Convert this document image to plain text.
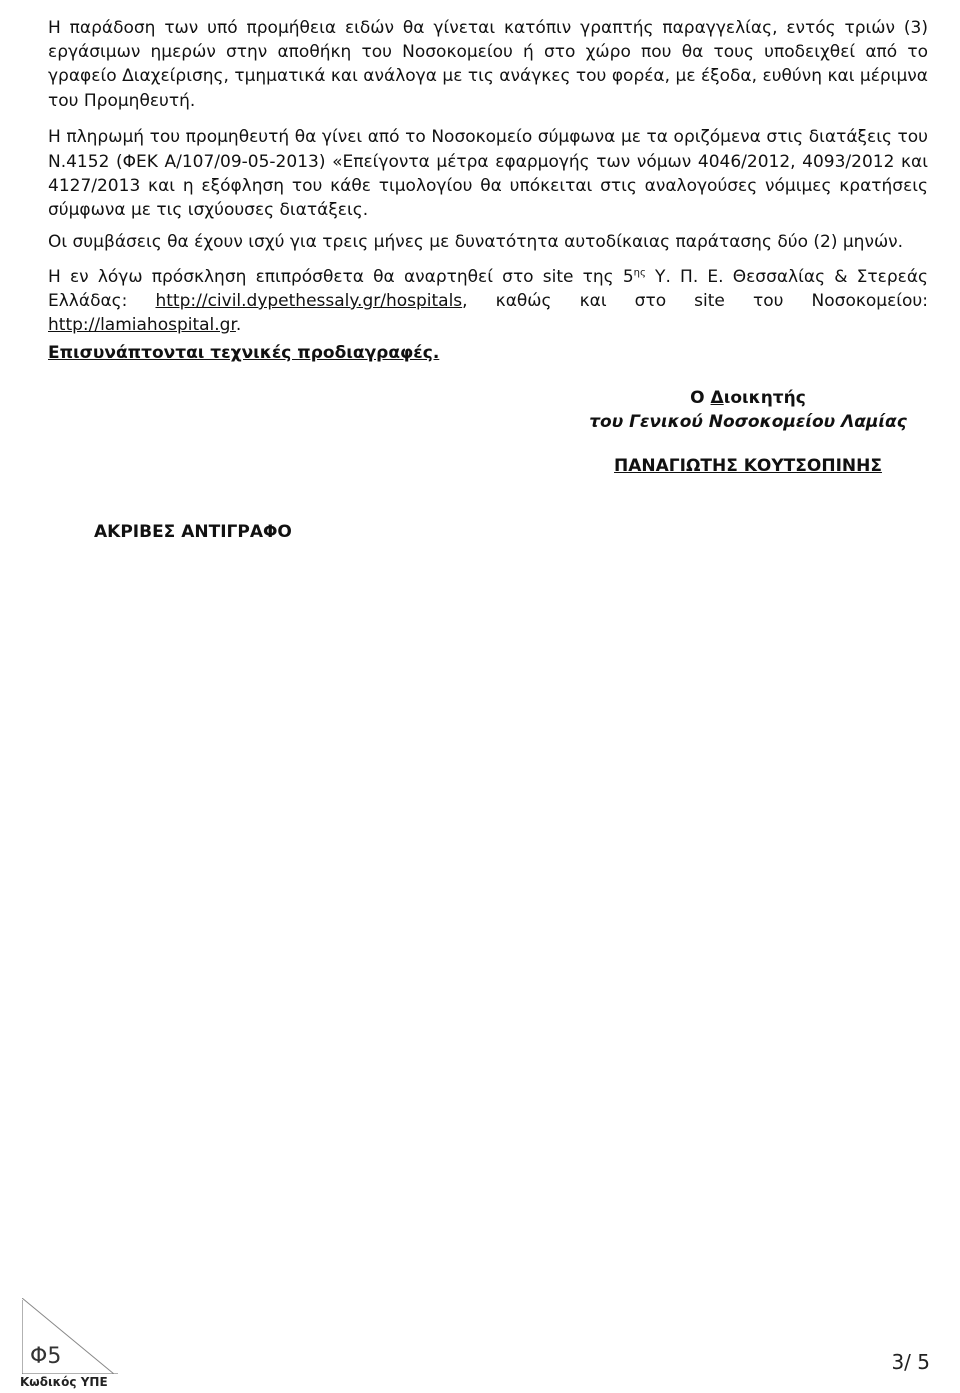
Η παράδοση των υπό προμήθεια ειδών θα γίνεται κατόπιν γραπτής παραγγελίας, εντός τριών (3)

εργάσιμων ημερών στην αποθήκη του Νοσοκομείου ή στο χώρο που θα τους υποδειχθεί από το

γραφείο Διαχείρισης, τμηματικά και ανάλογα με τις ανάγκες του φορέα, με έξοδα, ευθύνη και μέριμνα

του Προμηθευτή.

Η πληρωμή του προμηθευτή θα γίνει από το Νοσοκομείο σύμφωνα με τα οριζόμενα στις διατάξεις του

Ν.4152 (ΦΕΚ Α/107/09-05-2013) «Επείγοντα μέτρα εφαρμογής των νόμων 4046/2012, 4093/2012 και

4127/2013 και η εξόφληση του κάθε τιμολογίου θα υπόκειται στις αναλογούσες νόμιμες κρατήσεις

σύμφωνα με τις ισχύουσες διατάξεις.

Οι συμβάσεις θα έχουν ισχύ για τρεις μήνες με δυνατότητα αυτοδίκαιας παράτασης δύο (2) μηνών.

Η εν λόγω πρόσκληση επιπρόσθετα θα αναρτηθεί στο site της $5^{\eta\varsigma}$ Υ. Π. Ε. Θεσσαλίας & Στερεάς

Ελλάδας: http://civil.dypethessaly.gr/hospitals, καθώς και στο site του Νοσοκομείου:

http://lamiahospital.gr.

Επισυνάπτονται τεχνικές προδιαγραφές.
Ο Διοικητής
του Γενικού Νοσοκομείου Λαμίας
ΠΑΝΑΓΙΩΤΗΣ ΚΟΥΤΣΟΠΙΝΗΣ
ΑΚΡΙΒΕΣ ΑΝΤΙΓΡΑΦΟ
Φ5
Κωδικός ΥΠΕ
3/ 5
